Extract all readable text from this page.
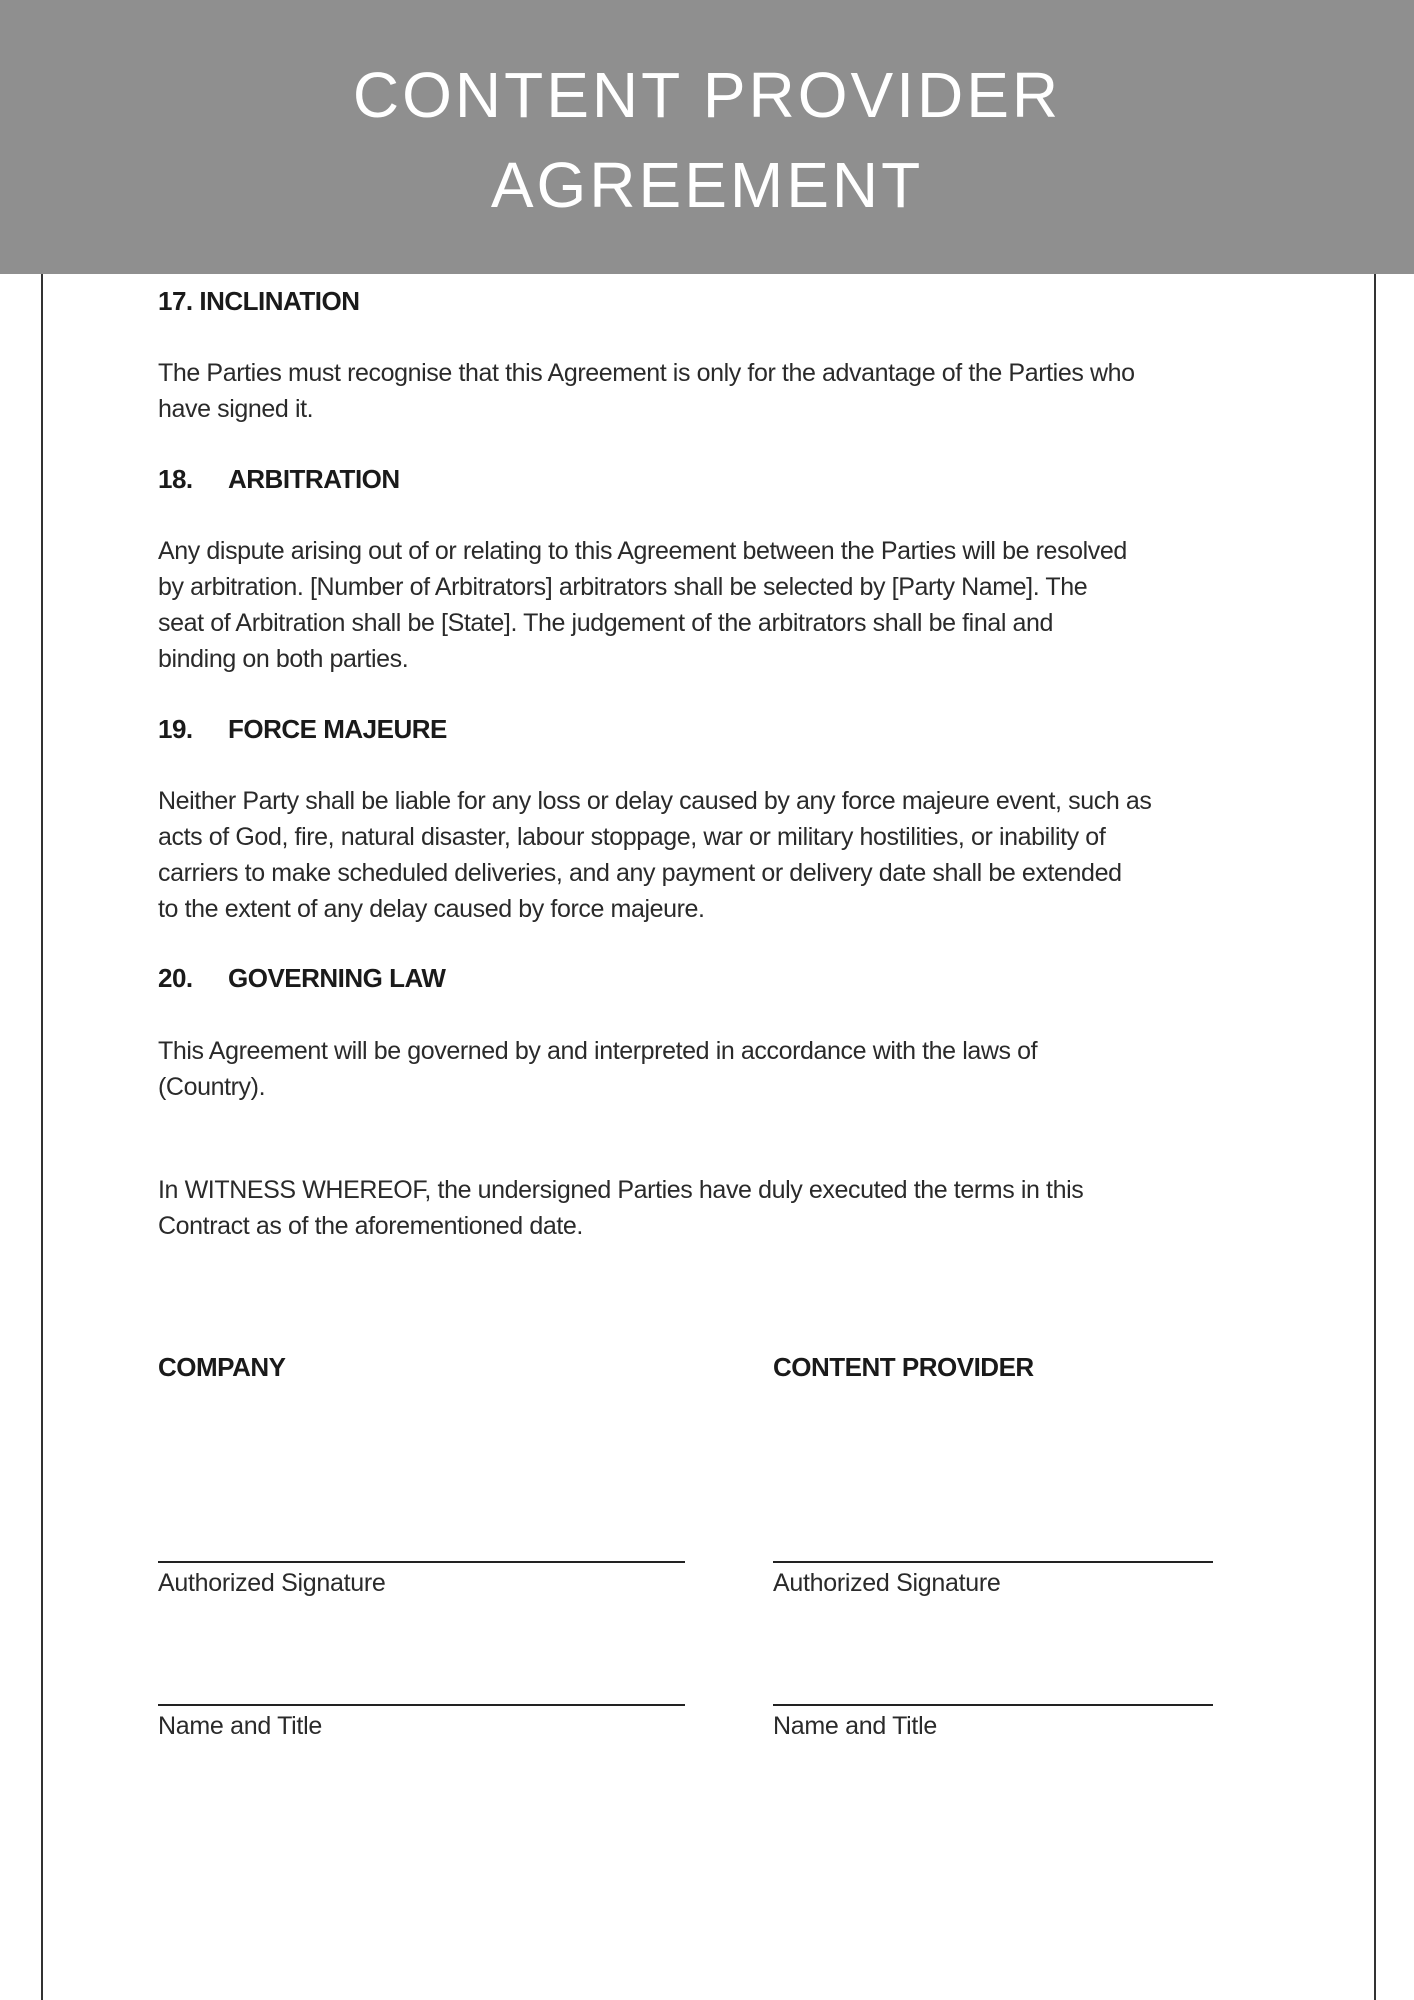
CONTENT PROVIDER
AGREEMENT
17. INCLINATION
The Parties must recognise that this Agreement is only for the advantage of the Parties who
have signed it.
18. ARBITRATION
Any dispute arising out of or relating to this Agreement between the Parties will be resolved
by arbitration. [Number of Arbitrators] arbitrators shall be selected by [Party Name]. The
seat of Arbitration shall be [State]. The judgement of the arbitrators shall be final and
binding on both parties.
19. FORCE MAJEURE
Neither Party shall be liable for any loss or delay caused by any force majeure event, such as
acts of God, fire, natural disaster, labour stoppage, war or military hostilities, or inability of
carriers to make scheduled deliveries, and any payment or delivery date shall be extended
to the extent of any delay caused by force majeure.
20. GOVERNING LAW
This Agreement will be governed by and interpreted in accordance with the laws of
(Country).
In WITNESS WHEREOF, the undersigned Parties have duly executed the terms in this
Contract as of the aforementioned date.
COMPANY	CONTENT PROVIDER
Authorized Signature	Authorized Signature
Name and Title	Name and Title
